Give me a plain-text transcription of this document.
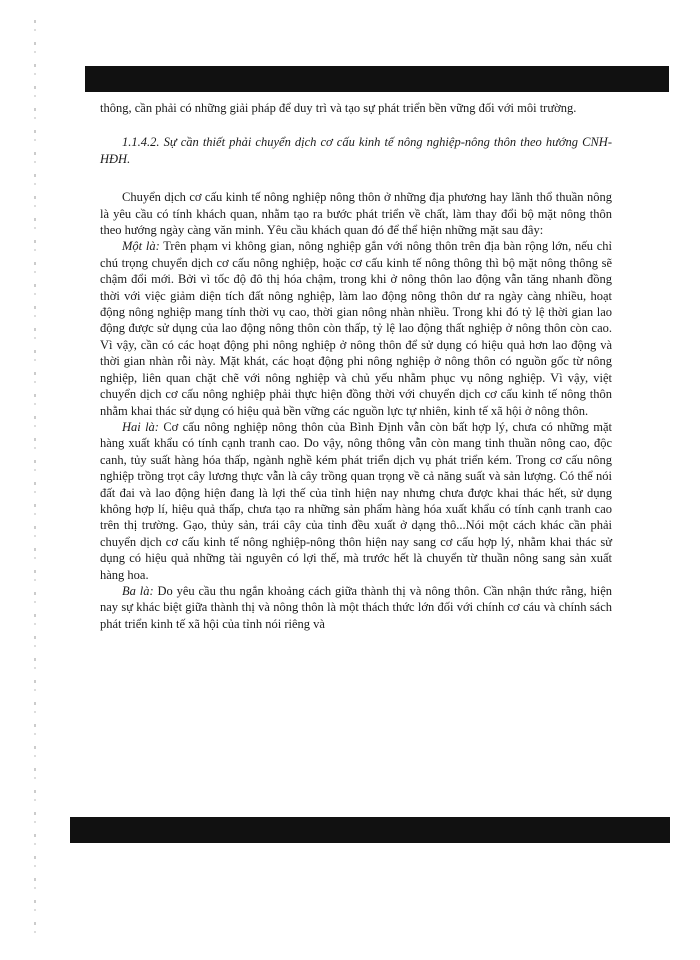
thông, cần phải có những giải pháp để duy trì và tạo sự phát triển bền vững đối với môi trường.

1.1.4.2. Sự cần thiết phải chuyển dịch cơ cấu kinh tế nông nghiệp-nông thôn theo hướng CNH-HĐH.

Chuyển dịch cơ cấu kinh tế nông nghiệp nông thôn ở những địa phương hay lãnh thổ thuần nông là yêu cầu có tính khách quan, nhằm tạo ra bước phát triển về chất, làm thay đổi bộ mặt nông thôn theo hướng ngày càng văn minh. Yêu cầu khách quan đó để thể hiện những mặt sau đây:

Một là: Trên phạm vi không gian, nông nghiệp gắn với nông thôn trên địa bàn rộng lớn, nếu chỉ chú trọng chuyển dịch cơ cấu nông nghiệp, hoặc cơ cấu kinh tế nông thông thì bộ mặt nông thông sẽ chậm đổi mới. Bởi vì tốc độ đô thị hóa chậm, trong khi ở nông thôn lao động vẫn tăng nhanh đồng thời với việc giảm diện tích đất nông nghiệp, làm lao động nông thôn dư ra ngày càng nhiều, hoạt động nông nghiệp mang tính thời vụ cao, thời gian nông nhàn nhiều. Trong khi đó tỷ lệ thời gian lao động được sử dụng của lao động nông thôn còn thấp, tỷ lệ lao động thất nghiệp ở nông thôn còn cao. Vì vậy, cần có các hoạt động phi nông nghiệp ở nông thôn để sử dụng có hiệu quả hơn lao động và thời gian nhàn rỗi này. Mặt khát, các hoạt động phi nông nghiệp ở nông thôn có nguồn gốc từ nông nghiệp, liên quan chặt chẽ với nông nghiệp và chủ yếu nhằm phục vụ nông nghiệp. Vì vậy, việt chuyển dịch cơ cấu nông nghiệp phải thực hiện đồng thời với chuyển dịch cơ cấu kinh tế nông thôn nhằm khai thác sử dụng có hiệu quả bền vững các nguồn lực tự nhiên, kinh tế xã hội ở nông thôn.

Hai là: Cơ cấu nông nghiệp nông thôn của Bình Định vẫn còn bất hợp lý, chưa có những mặt hàng xuất khẩu có tính cạnh tranh cao. Do vậy, nông thông vẫn còn mang tinh thuần nông cao, độc canh, tủy suất hàng hóa thấp, ngành nghề kém phát triển dịch vụ phát triển kém. Trong cơ cấu nông nghiệp trồng trọt cây lương thực vẫn là cây trồng quan trọng về cả năng suất và sản lượng. Có thể nói đất đai và lao động hiện đang là lợi thế của tỉnh hiện nay nhưng chưa được khai thác hết, sử dụng không hợp lí, hiệu quả thấp, chưa tạo ra những sản phẩm hàng hóa xuất khẩu có tính cạnh tranh cao trên thị trường. Gạo, thủy sản, trái cây của tỉnh đều xuất ở dạng thô...Nói một cách khác cần phải chuyển dịch cơ cấu kinh tế nông nghiệp-nông thôn hiện nay sang cơ cấu hợp lý, nhằm khai thác sử dụng có hiệu quả những tài nguyên có lợi thế, mà trước hết là chuyển từ thuần nông sang sản xuất hàng hoa.

Ba là: Do yêu cầu thu ngắn khoảng cách giữa thành thị và nông thôn. Cần nhận thức rằng, hiện nay sự khác biệt giữa thành thị và nông thôn là một thách thức lớn đối với chính cơ cáu và chính sách phát triển kinh tế xã hội của tỉnh nói riêng và
